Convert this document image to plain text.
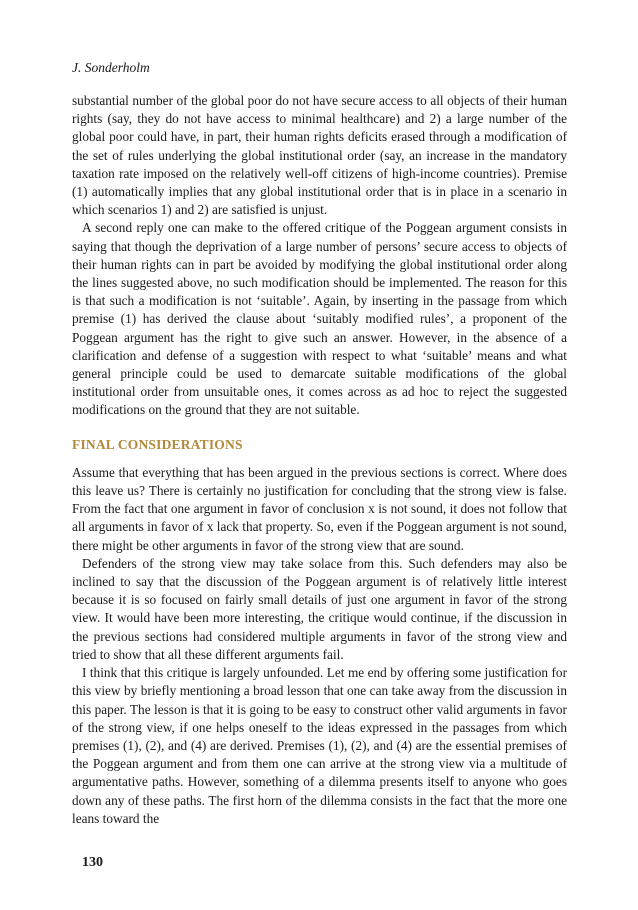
J. Sonderholm

substantial number of the global poor do not have secure access to all objects of their human rights (say, they do not have access to minimal healthcare) and 2) a large number of the global poor could have, in part, their human rights deficits erased through a modification of the set of rules underlying the global institutional order (say, an increase in the mandatory taxation rate imposed on the relatively well-off citizens of high-income countries). Premise (1) automatically implies that any global institutional order that is in place in a scenario in which scenarios 1) and 2) are satisfied is unjust.

A second reply one can make to the offered critique of the Poggean argument consists in saying that though the deprivation of a large number of persons’ secure access to objects of their human rights can in part be avoided by modifying the global institutional order along the lines suggested above, no such modification should be implemented. The reason for this is that such a modification is not ‘suitable’. Again, by inserting in the passage from which premise (1) has derived the clause about ‘suitably modified rules’, a proponent of the Poggean argument has the right to give such an answer. However, in the absence of a clarification and defense of a suggestion with respect to what ‘suitable’ means and what general principle could be used to demarcate suitable modifications of the global institutional order from unsuitable ones, it comes across as ad hoc to reject the suggested modifications on the ground that they are not suitable.

FINAL CONSIDERATIONS

Assume that everything that has been argued in the previous sections is correct. Where does this leave us? There is certainly no justification for concluding that the strong view is false. From the fact that one argument in favor of conclusion x is not sound, it does not follow that all arguments in favor of x lack that property. So, even if the Poggean argument is not sound, there might be other arguments in favor of the strong view that are sound.

Defenders of the strong view may take solace from this. Such defenders may also be inclined to say that the discussion of the Poggean argument is of relatively little interest because it is so focused on fairly small details of just one argument in favor of the strong view. It would have been more interesting, the critique would continue, if the discussion in the previous sections had considered multiple arguments in favor of the strong view and tried to show that all these different arguments fail.

I think that this critique is largely unfounded. Let me end by offering some justification for this view by briefly mentioning a broad lesson that one can take away from the discussion in this paper. The lesson is that it is going to be easy to construct other valid arguments in favor of the strong view, if one helps oneself to the ideas expressed in the passages from which premises (1), (2), and (4) are derived. Premises (1), (2), and (4) are the essential premises of the Poggean argument and from them one can arrive at the strong view via a multitude of argumentative paths. However, something of a dilemma presents itself to anyone who goes down any of these paths. The first horn of the dilemma consists in the fact that the more one leans toward the

130
